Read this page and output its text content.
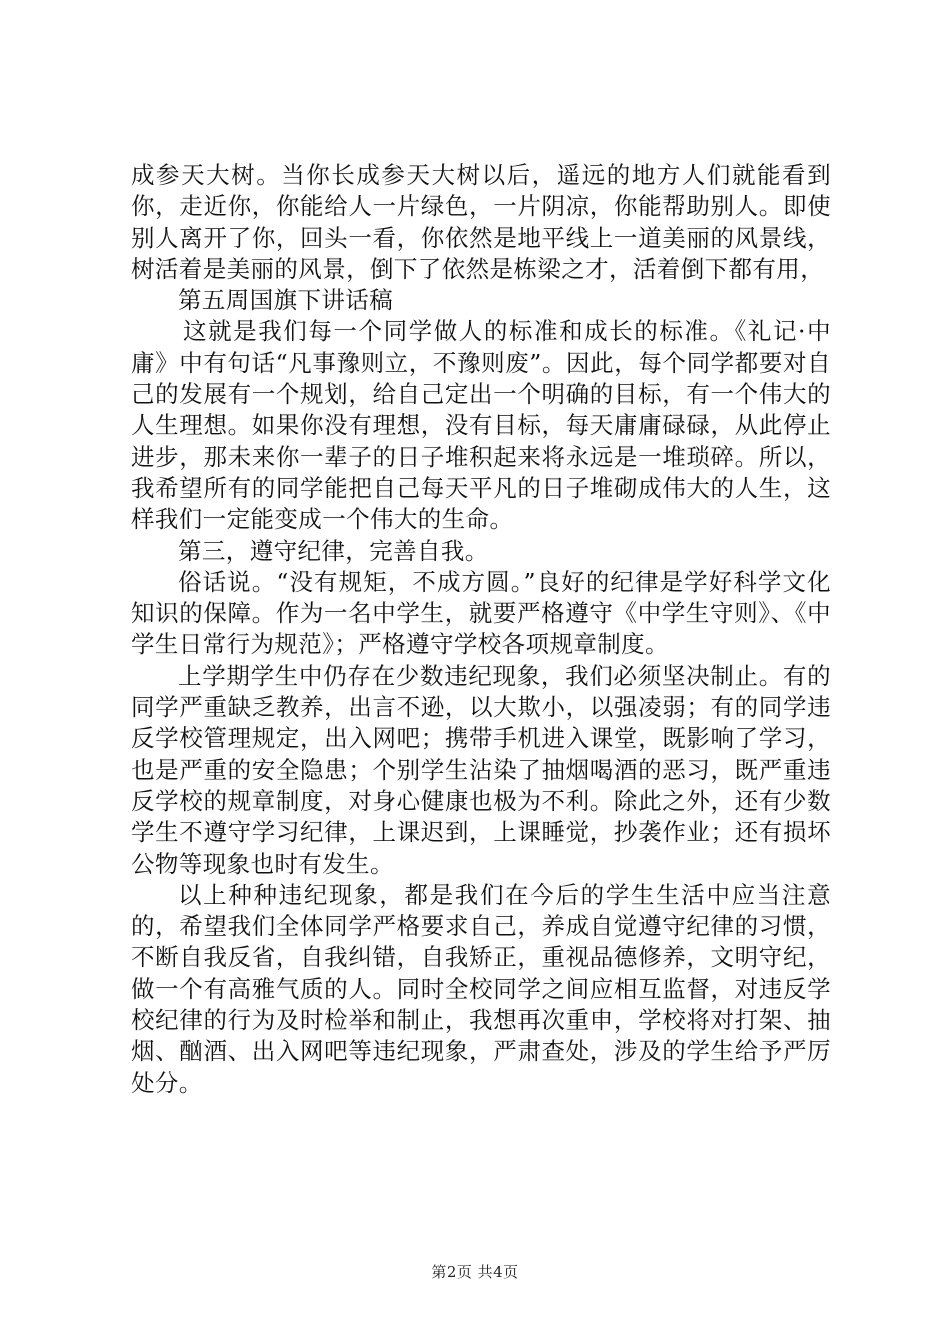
成参天大树。当你长成参天大树以后，遥远的地方人们就能看到你，走近你，你能给人一片绿色，一片阴凉，你能帮助别人。即使别人离开了你，回头一看，你依然是地平线上一道美丽的风景线，树活着是美丽的风景，倒下了依然是栋梁之才，活着倒下都有用，

第五周国旗下讲话稿

这就是我们每一个同学做人的标准和成长的标准。《礼记·中庸》中有句话“凡事豫则立，不豫则废”。因此，每个同学都要对自己的发展有一个规划，给自己定出一个明确的目标，有一个伟大的人生理想。如果你没有理想，没有目标，每天庸庸碌碌，从此停止进步，那未来你一辈子的日子堆积起来将永远是一堆琐碎。所以，我希望所有的同学能把自己每天平凡的日子堆砌成伟大的人生，这样我们一定能变成一个伟大的生命。

第三，遵守纪律，完善自我。

俗话说。“没有规矩，不成方圆。”良好的纪律是学好科学文化知识的保障。作为一名中学生，就要严格遵守《中学生守则》、《中学生日常行为规范》；严格遵守学校各项规章制度。

上学期学生中仍存在少数违纪现象，我们必须坚决制止。有的同学严重缺乏教养，出言不逊，以大欺小，以强凌弱；有的同学违反学校管理规定，出入网吧；携带手机进入课堂，既影响了学习，也是严重的安全隐患；个别学生沾染了抽烟喝酒的恶习，既严重违反学校的规章制度，对身心健康也极为不利。除此之外，还有少数学生不遵守学习纪律，上课迟到，上课睡觉，抄袭作业；还有损坏公物等现象也时有发生。

以上种种违纪现象，都是我们在今后的学生生活中应当注意的，希望我们全体同学严格要求自己，养成自觉遵守纪律的习惯，不断自我反省，自我纠错，自我矫正，重视品德修养，文明守纪，做一个有高雅气质的人。同时全校同学之间应相互监督，对违反学校纪律的行为及时检举和制止，我想再次重申，学校将对打架、抽烟、酗酒、出入网吧等违纪现象，严肃查处，涉及的学生给予严厉处分。

第2页 共4页
